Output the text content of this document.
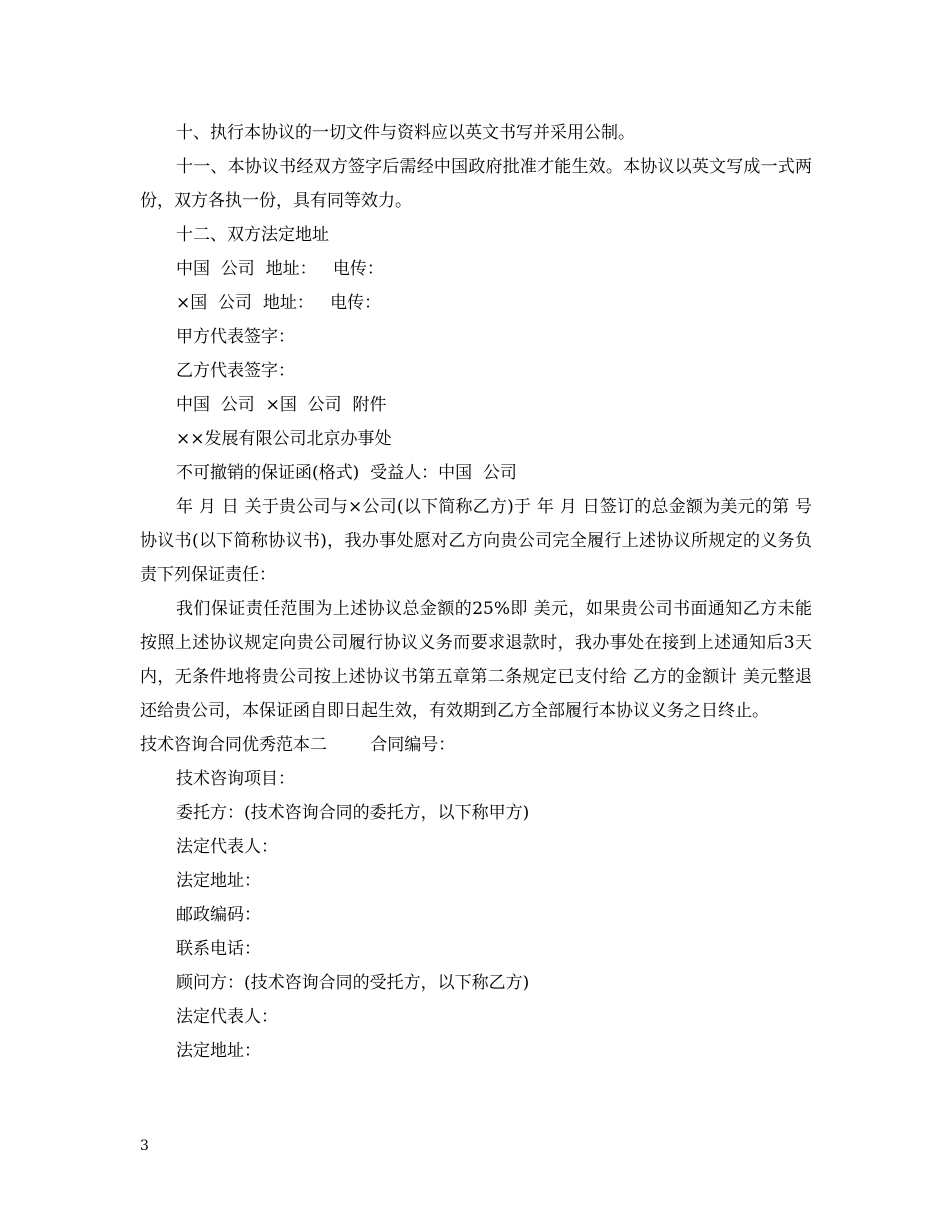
十、执行本协议的一切文件与资料应以英文书写并采用公制。

十一、本协议书经双方签字后需经中国政府批准才能生效。本协议以英文写成一式两份，双方各执一份，具有同等效力。

十二、双方法定地址

中国  公司  地址：   电传：

×国  公司  地址：   电传：

甲方代表签字：

乙方代表签字：

中国  公司  ×国  公司  附件

××发展有限公司北京办事处

不可撤销的保证函(格式)  受益人：中国  公司

年 月 日 关于贵公司与×公司(以下简称乙方)于 年 月 日签订的总金额为美元的第 号协议书(以下简称协议书)，我办事处愿对乙方向贵公司完全履行上述协议所规定的义务负责下列保证责任：

我们保证责任范围为上述协议总金额的25%即 美元，如果贵公司书面通知乙方未能按照上述协议规定向贵公司履行协议义务而要求退款时，我办事处在接到上述通知后3天内，无条件地将贵公司按上述协议书第五章第二条规定已支付给 乙方的金额计 美元整退还给贵公司，本保证函自即日起生效，有效期到乙方全部履行本协议义务之日终止。

技术咨询合同优秀范本二        合同编号：

技术咨询项目：

委托方：(技术咨询合同的委托方，以下称甲方)

法定代表人：

法定地址：

邮政编码：

联系电话：

顾问方：(技术咨询合同的受托方，以下称乙方)

法定代表人：

法定地址：

3
